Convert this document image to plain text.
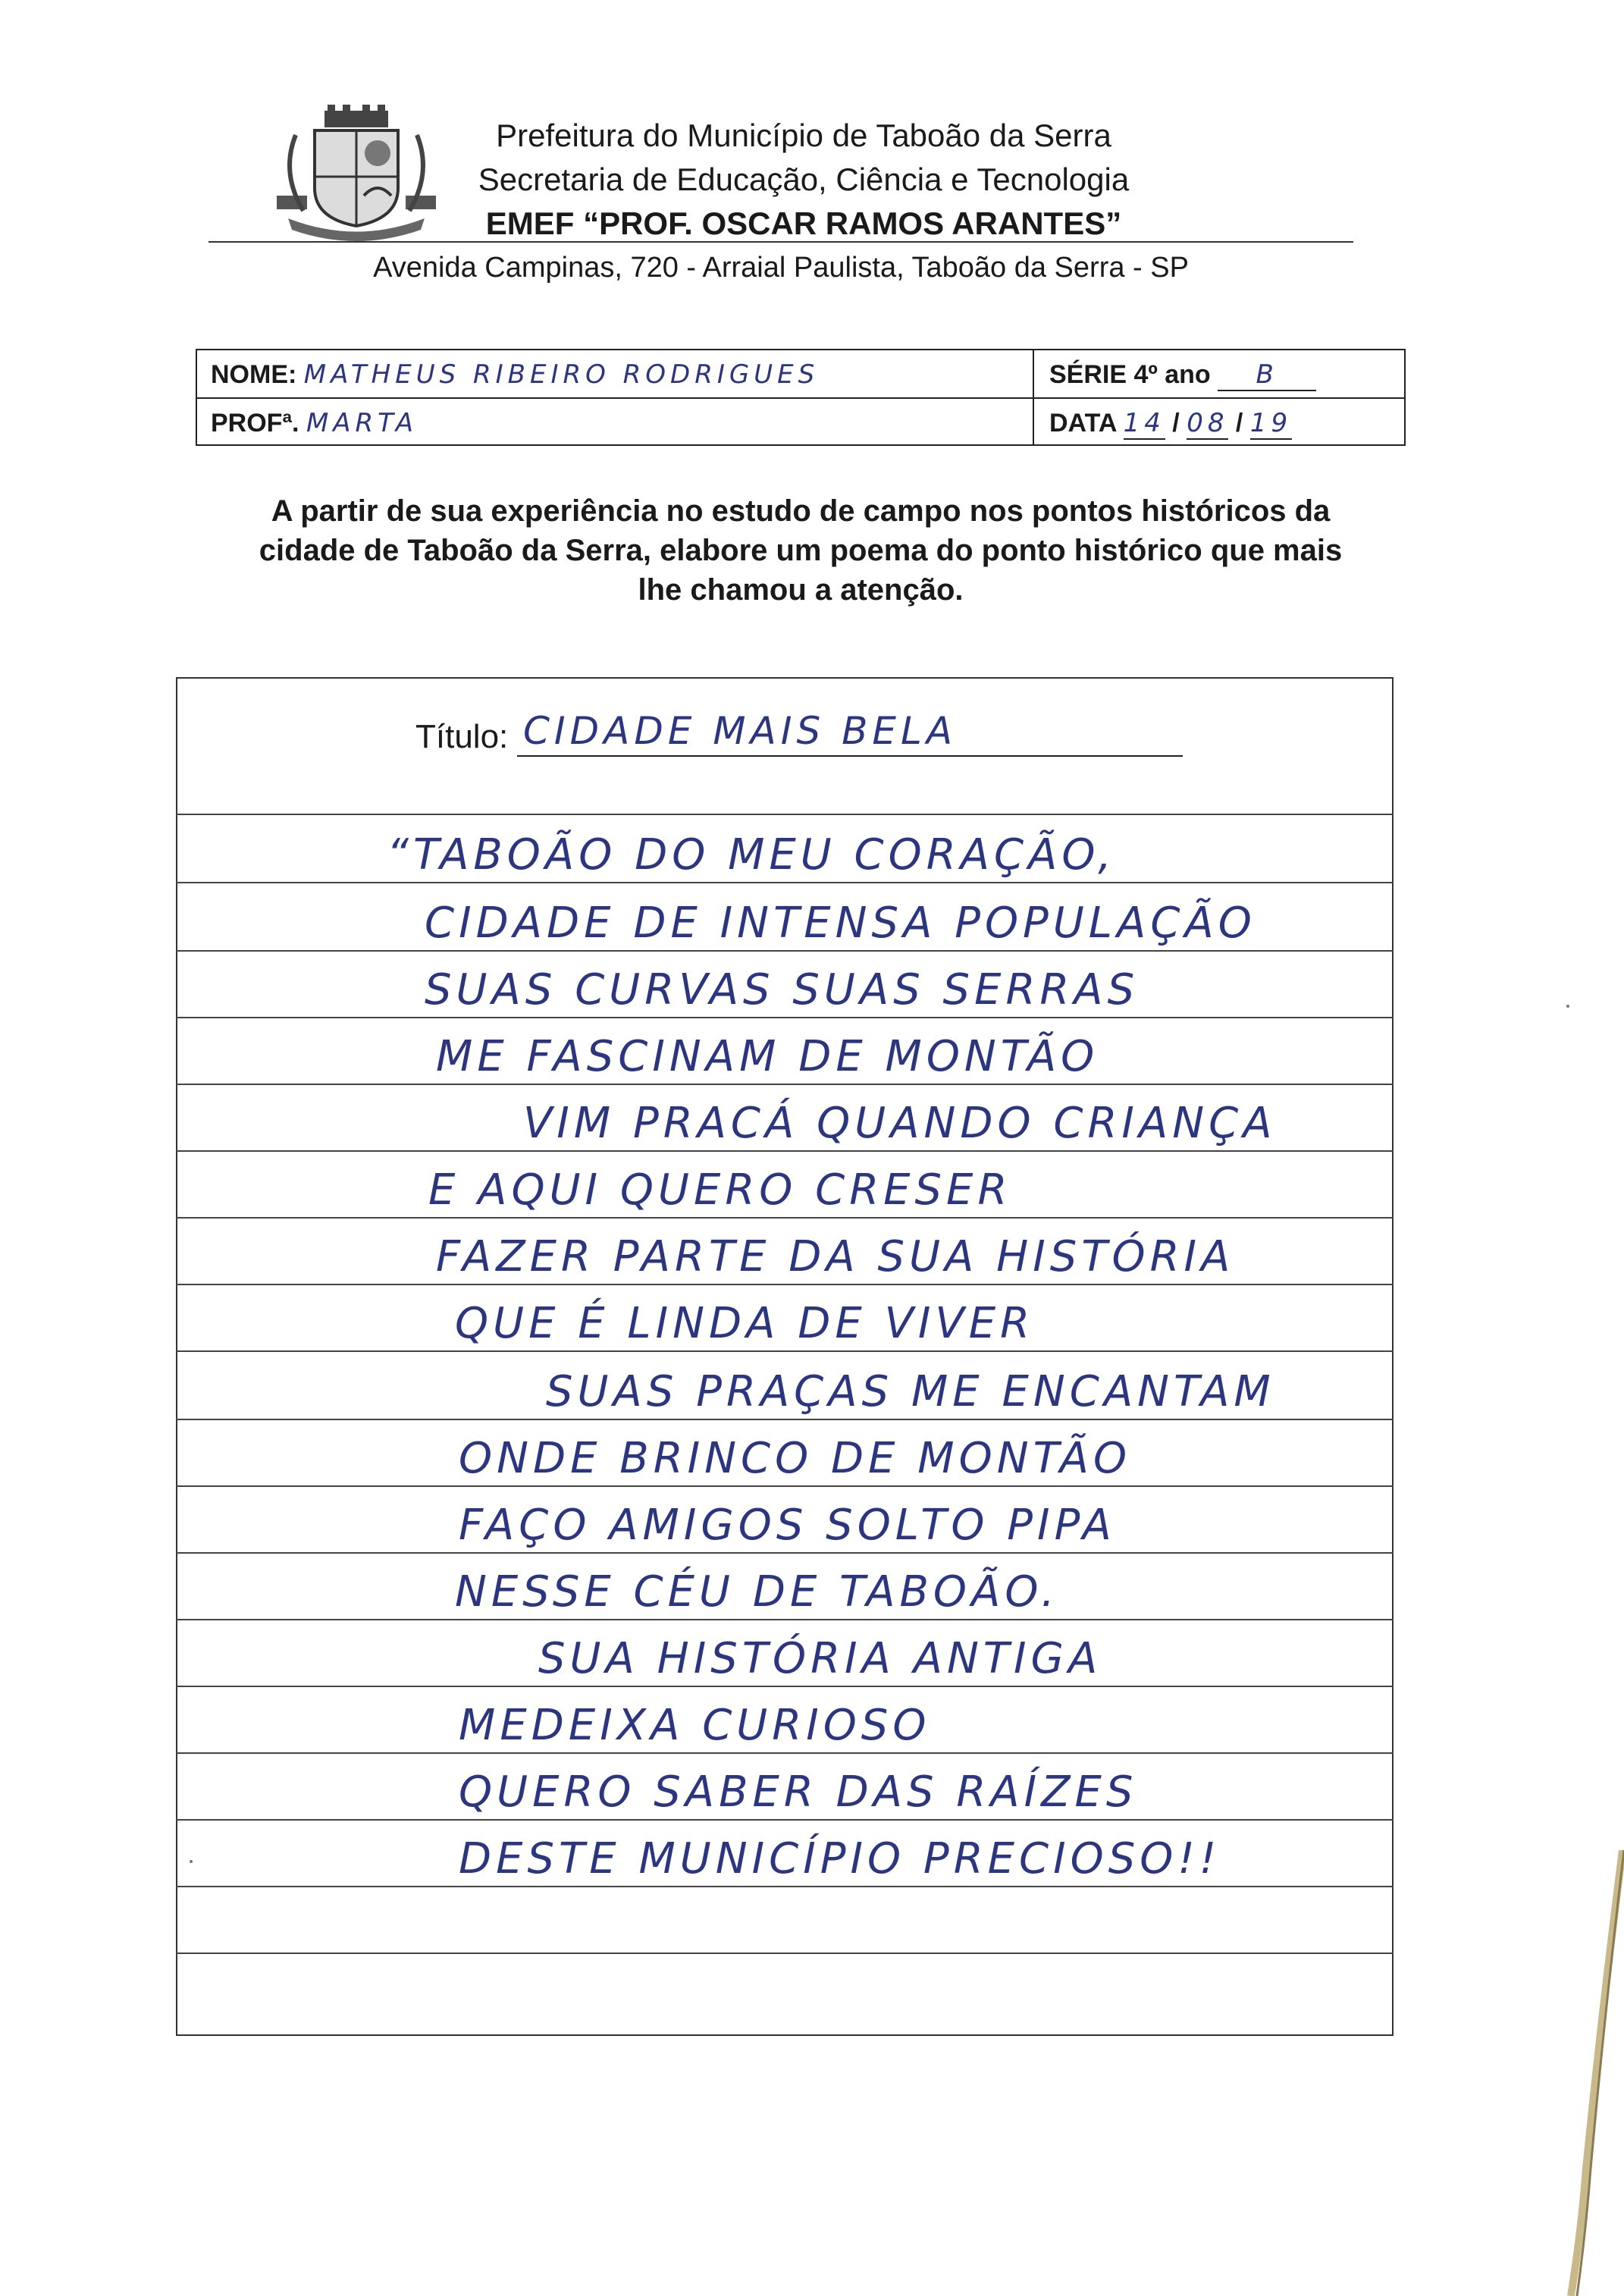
Prefeitura do Município de Taboão da Serra
Secretaria de Educação, Ciência e Tecnologia
EMEF “PROF. OSCAR RAMOS ARANTES”
Avenida Campinas, 720 - Arraial Paulista, Taboão da Serra - SP
NOME: MATHEUS RIBEIRO RODRIGUES	SÉRIE 4º ano B
PROFª. MARTA	DATA 14 / 08 / 19
A partir de sua experiência no estudo de campo nos pontos históricos da
cidade de Taboão da Serra, elabore um poema do ponto histórico que mais
lhe chamou a atenção.
Título: CIDADE MAIS BELA
“TABOÃO DO MEU CORAÇÃO,
CIDADE DE INTENSA POPULAÇÃO
SUAS CURVAS SUAS SERRAS
ME FASCINAM DE MONTÃO
VIM PRACÁ QUANDO CRIANÇA
E AQUI QUERO CRESER
FAZER PARTE DA SUA HISTÓRIA
QUE É LINDA DE VIVER
SUAS PRAÇAS ME ENCANTAM
ONDE BRINCO DE MONTÃO
FAÇO AMIGOS SOLTO PIPA
NESSE CÉU DE TABOÃO.
SUA HISTÓRIA ANTIGA
MEDEIXA CURIOSO
QUERO SABER DAS RAÍZES
DESTE MUNICÍPIO PRECIOSO!!
